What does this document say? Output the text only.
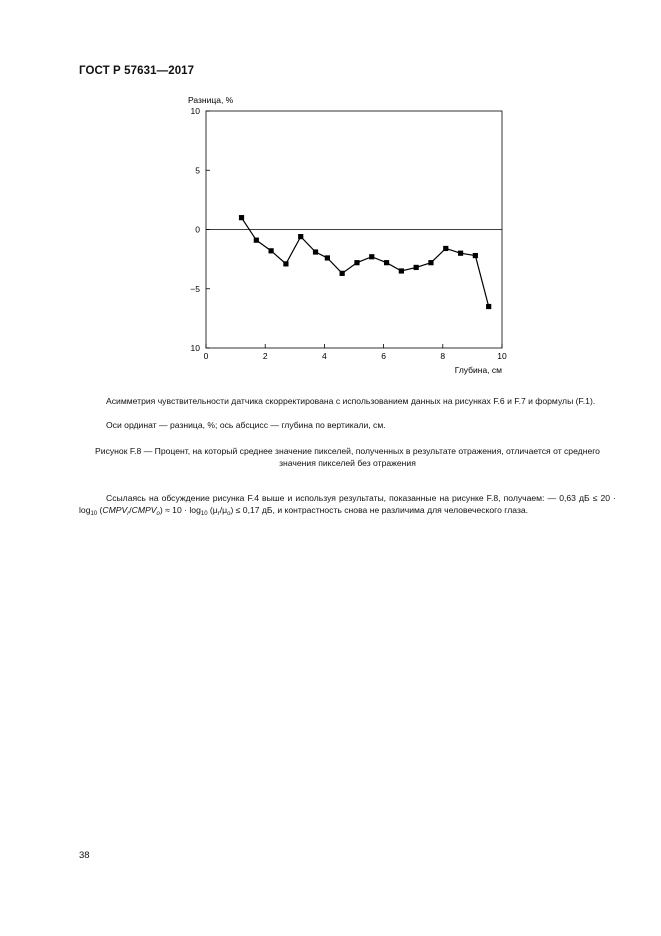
ГОСТ Р 57631—2017
Разница, %
10
5
0
−5
10
0	2	4	6	8	10
Глубина, см
Асимметрия чувствительности датчика скорректирована с использованием данных на рисунках F.6 и F.7 и формулы (F.1).
Оси ординат — разница, %; ось абсцисс — глубина по вертикали, см.
Рисунок F.8 — Процент, на который среднее значение пикселей, полученных в результате отражения, отличается от среднего значения пикселей без отражения
Ссылаясь на обсуждение рисунка F.4 выше и используя результаты, показанные на рисунке F.8, получаем: — 0,63 дБ ≤ $20 \cdot \log_{10}$ $(CMPV_r/CMPV_o) \approx 10 \cdot \log_{10} (\mu_r/\mu_o) \le 0,17$ дБ, и контрастность снова не различима для человеческого глаза.
38
